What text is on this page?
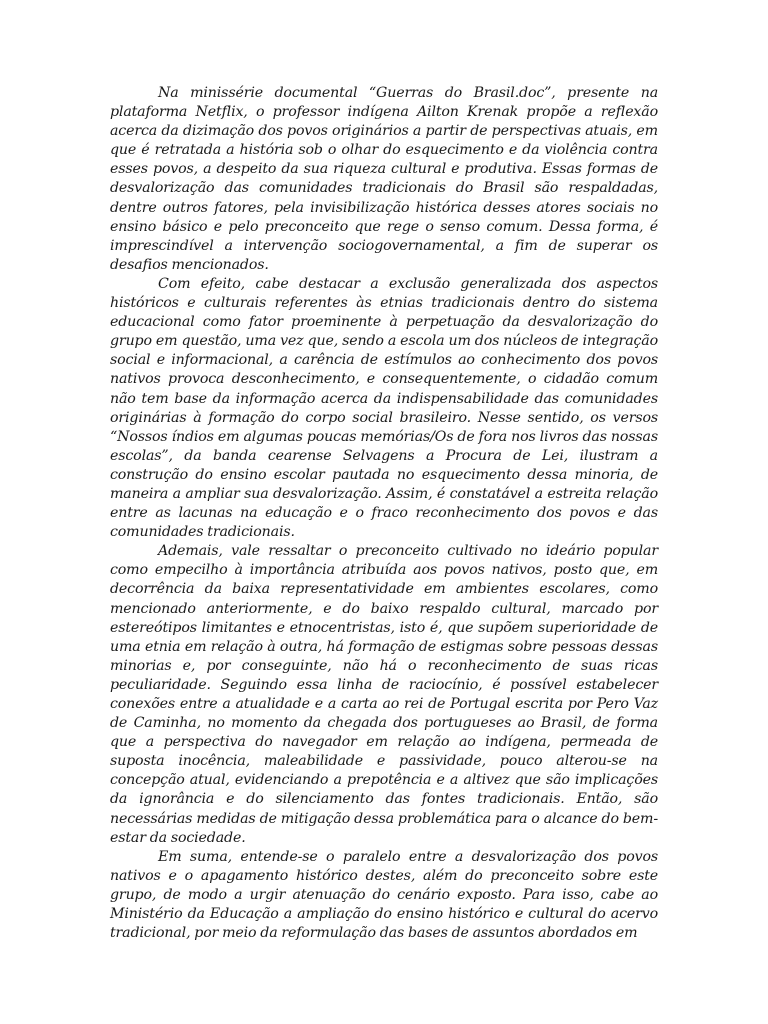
Na minissérie documental “Guerras do Brasil.doc”, presente na plataforma Netflix, o professor indígena Ailton Krenak propõe a reflexão acerca da dizimação dos povos originários a partir de perspectivas atuais, em que é retratada a história sob o olhar do esquecimento e da violência contra esses povos, a despeito da sua riqueza cultural e produtiva. Essas formas de desvalorização das comunidades tradicionais do Brasil são respaldadas, dentre outros fatores, pela invisibilização histórica desses atores sociais no ensino básico e pelo preconceito que rege o senso comum. Dessa forma, é imprescindível a intervenção sociogovernamental, a fim de superar os desafios mencionados.

Com efeito, cabe destacar a exclusão generalizada dos aspectos históricos e culturais referentes às etnias tradicionais dentro do sistema educacional como fator proeminente à perpetuação da desvalorização do grupo em questão, uma vez que, sendo a escola um dos núcleos de integração social e informacional, a carência de estímulos ao conhecimento dos povos nativos provoca desconhecimento, e consequentemente, o cidadão comum não tem base da informação acerca da indispensabilidade das comunidades originárias à formação do corpo social brasileiro. Nesse sentido, os versos “Nossos índios em algumas poucas memórias/Os de fora nos livros das nossas escolas”, da banda cearense Selvagens a Procura de Lei, ilustram a construção do ensino escolar pautada no esquecimento dessa minoria, de maneira a ampliar sua desvalorização. Assim, é constatável a estreita relação entre as lacunas na educação e o fraco reconhecimento dos povos e das comunidades tradicionais.

Ademais, vale ressaltar o preconceito cultivado no ideário popular como empecilho à importância atribuída aos povos nativos, posto que, em decorrência da baixa representatividade em ambientes escolares, como mencionado anteriormente, e do baixo respaldo cultural, marcado por estereótipos limitantes e etnocentristas, isto é, que supõem superioridade de uma etnia em relação à outra, há formação de estigmas sobre pessoas dessas minorias e, por conseguinte, não há o reconhecimento de suas ricas peculiaridade. Seguindo essa linha de raciocínio, é possível estabelecer conexões entre a atualidade e a carta ao rei de Portugal escrita por Pero Vaz de Caminha, no momento da chegada dos portugueses ao Brasil, de forma que a perspectiva do navegador em relação ao indígena, permeada de suposta inocência, maleabilidade e passividade, pouco alterou-se na concepção atual, evidenciando a prepotência e a altivez que são implicações da ignorância e do silenciamento das fontes tradicionais. Então, são necessárias medidas de mitigação dessa problemática para o alcance do bem-estar da sociedade.

Em suma, entende-se o paralelo entre a desvalorização dos povos nativos e o apagamento histórico destes, além do preconceito sobre este grupo, de modo a urgir atenuação do cenário exposto. Para isso, cabe ao Ministério da Educação a ampliação do ensino histórico e cultural do acervo tradicional, por meio da reformulação das bases de assuntos abordados em
